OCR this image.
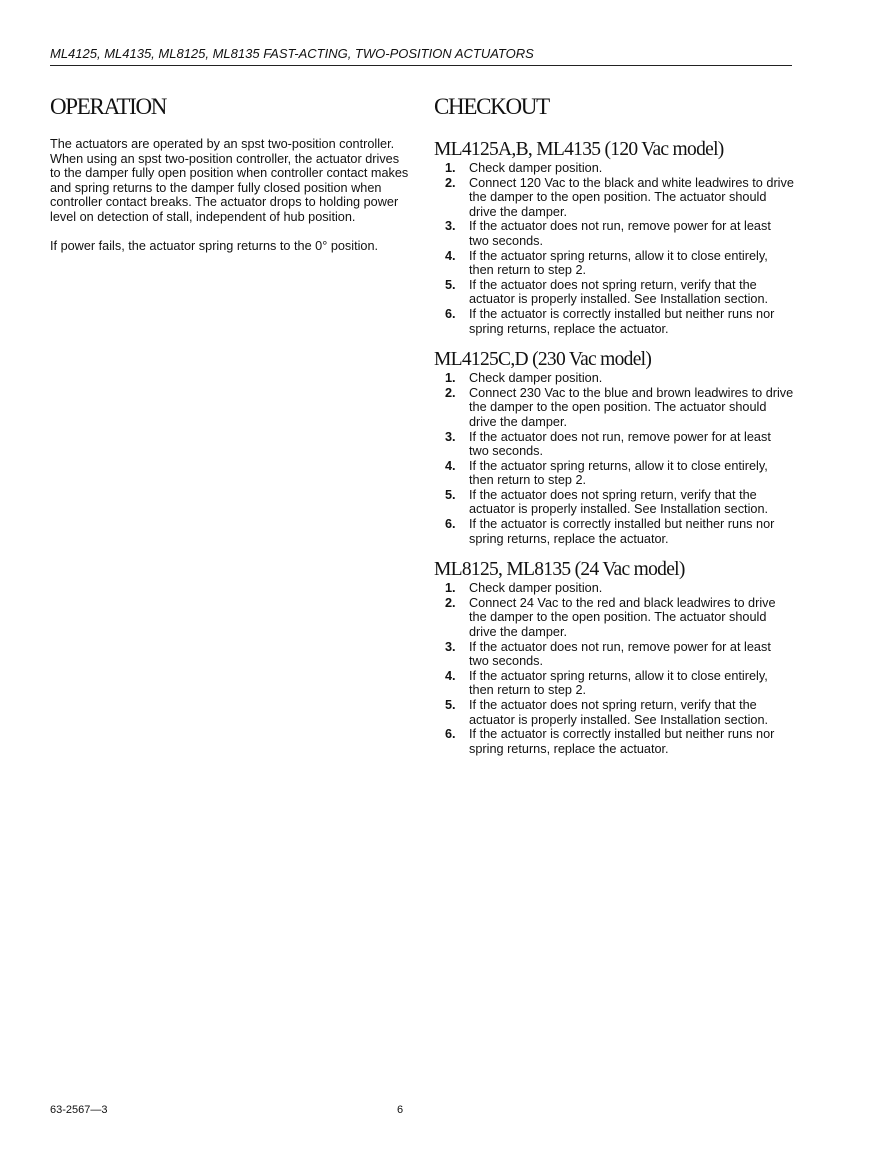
ML4125, ML4135, ML8125, ML8135 FAST-ACTING, TWO-POSITION ACTUATORS
OPERATION

The actuators are operated by an spst two-position controller. When using an spst two-position controller, the actuator drives to the damper fully open position when controller contact makes and spring returns to the damper fully closed position when controller contact breaks. The actuator drops to holding power level on detection of stall, independent of hub position.

If power fails, the actuator spring returns to the 0° position.

CHECKOUT
ML4125A,B, ML4135 (120 Vac model)
1. Check damper position.
2. Connect 120 Vac to the black and white leadwires to drive the damper to the open position. The actuator should drive the damper.
3. If the actuator does not run, remove power for at least two seconds.
4. If the actuator spring returns, allow it to close entirely, then return to step 2.
5. If the actuator does not spring return, verify that the actuator is properly installed. See Installation section.
6. If the actuator is correctly installed but neither runs nor spring returns, replace the actuator.
ML4125C,D (230 Vac model)
1. Check damper position.
2. Connect 230 Vac to the blue and brown leadwires to drive the damper to the open position. The actuator should drive the damper.
3. If the actuator does not run, remove power for at least two seconds.
4. If the actuator spring returns, allow it to close entirely, then return to step 2.
5. If the actuator does not spring return, verify that the actuator is properly installed. See Installation section.
6. If the actuator is correctly installed but neither runs nor spring returns, replace the actuator.
ML8125, ML8135 (24 Vac model)
1. Check damper position.
2. Connect 24 Vac to the red and black leadwires to drive the damper to the open position. The actuator should drive the damper.
3. If the actuator does not run, remove power for at least two seconds.
4. If the actuator spring returns, allow it to close entirely, then return to step 2.
5. If the actuator does not spring return, verify that the actuator is properly installed. See Installation section.
6. If the actuator is correctly installed but neither runs nor spring returns, replace the actuator.
63-2567—3	6
